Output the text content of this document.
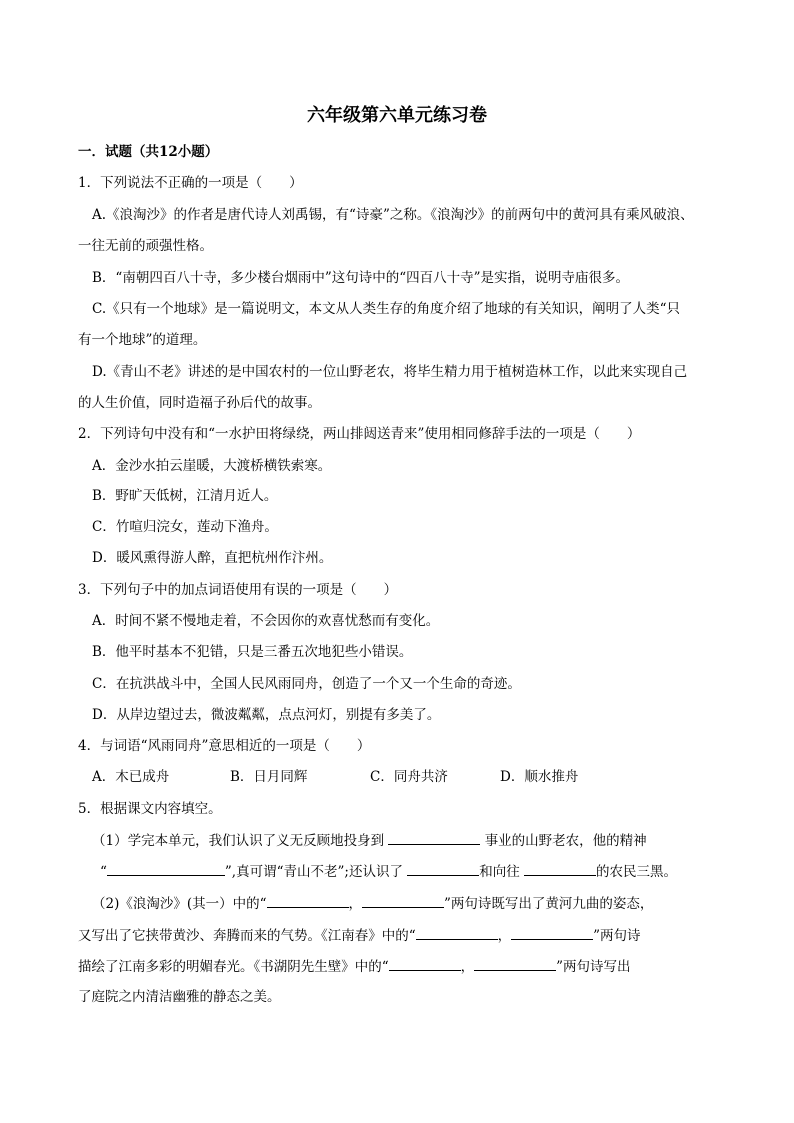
六年级第六单元练习卷
一．试题（共12小题）
1．下列说法不正确的一项是（　　）
A.《浪淘沙》的作者是唐代诗人刘禹锡，有“诗豪”之称。《浪淘沙》的前两句中的黄河具有乘风破浪、
一往无前的顽强性格。
B．“南朝四百八十寺，多少楼台烟雨中”这句诗中的“四百八十寺”是实指，说明寺庙很多。
C.《只有一个地球》是一篇说明文，本文从人类生存的角度介绍了地球的有关知识，阐明了人类“只
有一个地球”的道理。
D.《青山不老》讲述的是中国农村的一位山野老农，将毕生精力用于植树造林工作，以此来实现自己
的人生价值，同时造福子孙后代的故事。
2．下列诗句中没有和“一水护田将绿绕，两山排闼送青来”使用相同修辞手法的一项是（　　）
A．金沙水拍云崖暖，大渡桥横铁索寒。
B．野旷天低树，江清月近人。
C．竹喧归浣女，莲动下渔舟。
D．暖风熏得游人醉，直把杭州作汴州。
3．下列句子中的加点词语使用有误的一项是（　　）
A．时间不紧不慢地走着，不会因你的欢喜忧愁而有变化。
B．他平时基本不犯错，只是三番五次地犯些小错误。
C．在抗洪战斗中，全国人民风雨同舟，创造了一个又一个生命的奇迹。
D．从岸边望过去，微波粼粼，点点河灯，别提有多美了。
4．与词语“风雨同舟”意思相近的一项是（　　）
A．木已成舟	B．日月同辉	C．同舟共济	D．顺水推舟
5．根据课文内容填空。
（1）学完本单元，我们认识了义无反顾地投身到	事业的山野老农，他的精神
“	”,真可谓“青山不老”;还认识了	和向往	的农民三黑。
（2)《浪淘沙》(其一）中的“	，	”两句诗既写出了黄河九曲的姿态，
又写出了它挟带黄沙、奔腾而来的气势。《江南春》中的“	，	”两句诗
描绘了江南多彩的明媚春光。《书湖阴先生壁》中的“	，	”两句诗写出
了庭院之内清洁幽雅的静态之美。
